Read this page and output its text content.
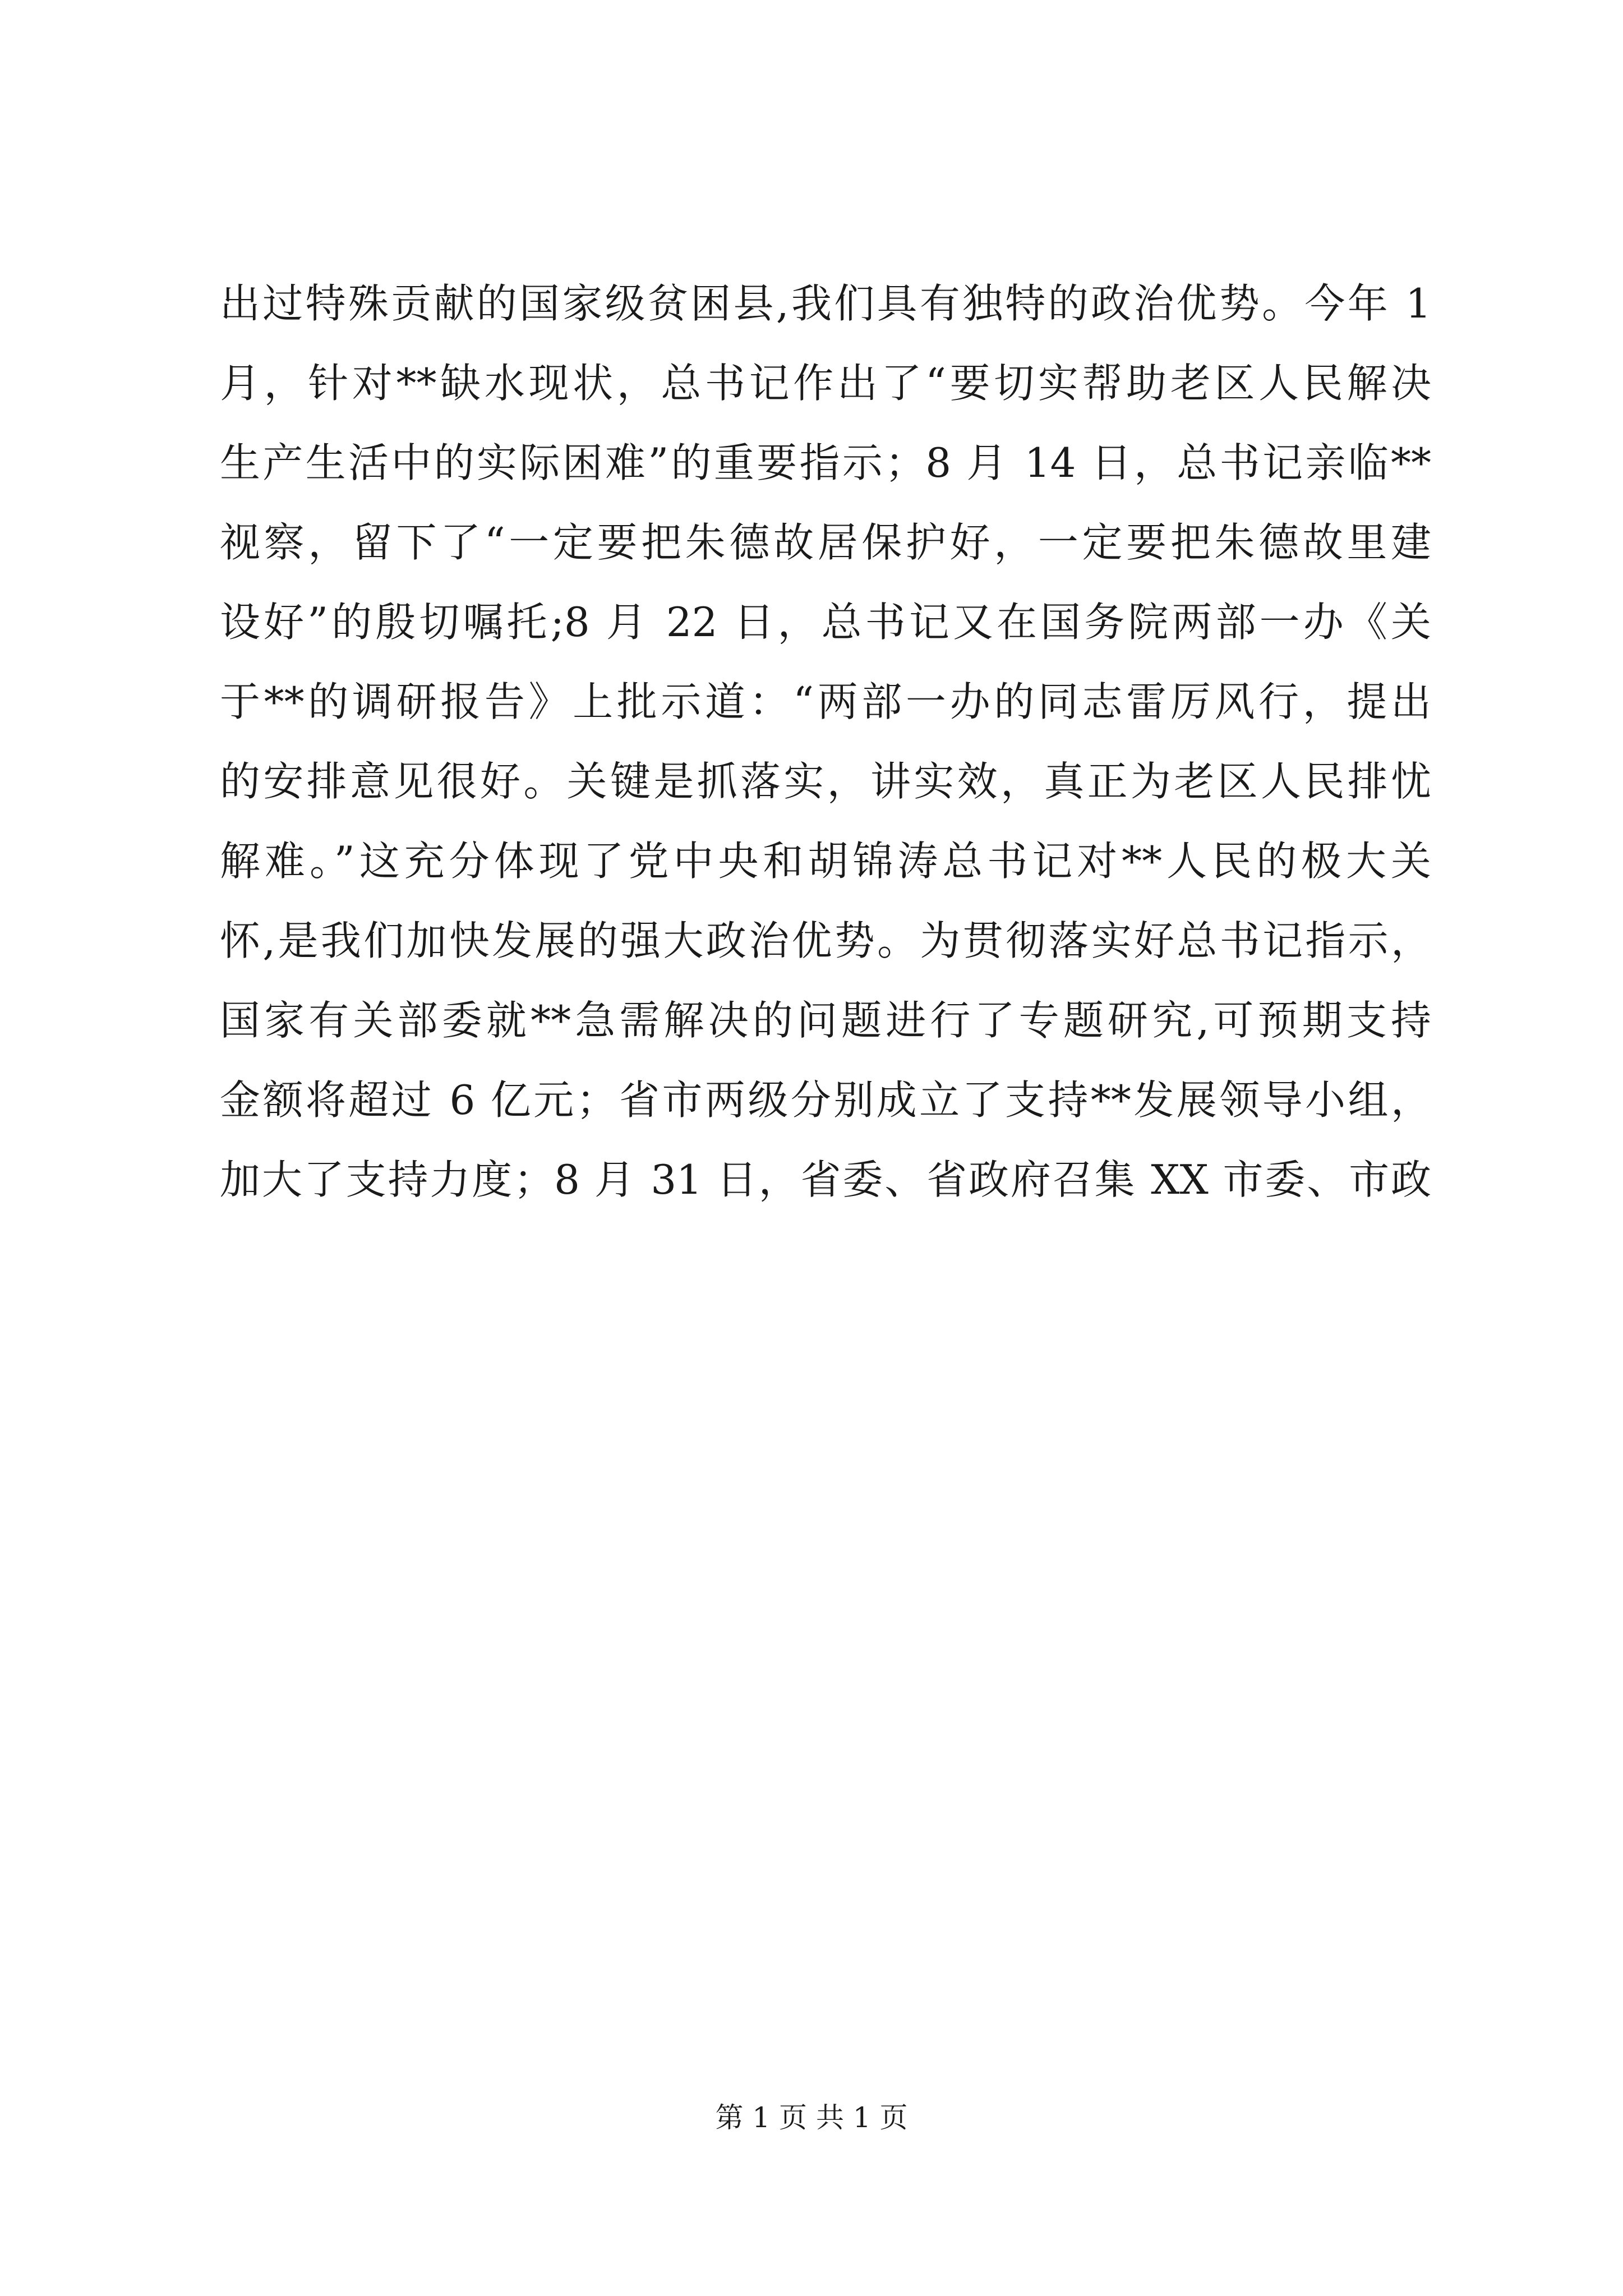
出过特殊贡献的国家级贫困县,我们具有独特的政治优势。今年 1
月，针对**缺水现状，总书记作出了“要切实帮助老区人民解决
生产生活中的实际困难”的重要指示；8 月 14 日，总书记亲临**
视察，留下了“一定要把朱德故居保护好，一定要把朱德故里建
设好”的殷切嘱托;8 月 22 日，总书记又在国务院两部一办《关
于**的调研报告》上批示道：“两部一办的同志雷厉风行，提出
的安排意见很好。关键是抓落实，讲实效，真正为老区人民排忧
解难。”这充分体现了党中央和胡锦涛总书记对**人民的极大关
怀,是我们加快发展的强大政治优势。为贯彻落实好总书记指示，
国家有关部委就**急需解决的问题进行了专题研究,可预期支持
金额将超过 6 亿元；省市两级分别成立了支持**发展领导小组，
加大了支持力度；8 月 31 日，省委、省政府召集 XX 市委、市政
第 1 页 共 1 页
